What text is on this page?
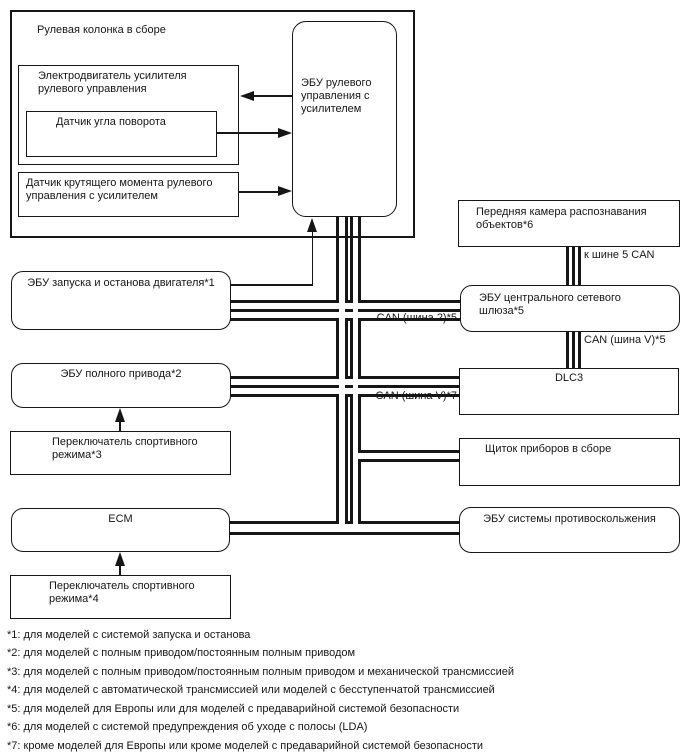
Рулевая колонка в сборе
Электродвигатель усилителя рулевого управления
Датчик угла поворота
Датчик крутящего момента рулевого управления с усилителем
ЭБУ рулевого управления с усилителем
ЭБУ запуска и останова двигателя*1
ЭБУ полного привода*2
Переключатель спортивного режима*3
ECM
Переключатель спортивного режима*4
Передняя камера распознавания объектов*6
ЭБУ центрального сетевого шлюза*5
DLC3
Щиток приборов в сборе
ЭБУ системы противоскольжения
CAN (шина 2)*5
CAN (шина V)*7
к шине 5 CAN
CAN (шина V)*5
*1: для моделей с системой запуска и останова
*2: для моделей с полным приводом/постоянным полным приводом
*3: для моделей с полным приводом/постоянным полным приводом и механической трансмиссией
*4: для моделей с автоматической трансмиссией или моделей с бесступенчатой трансмиссией
*5: для моделей для Европы или для моделей с предаварийной системой безопасности
*6: для моделей с системой предупреждения об уходе с полосы (LDA)
*7: кроме моделей для Европы или кроме моделей с предаварийной системой безопасности
